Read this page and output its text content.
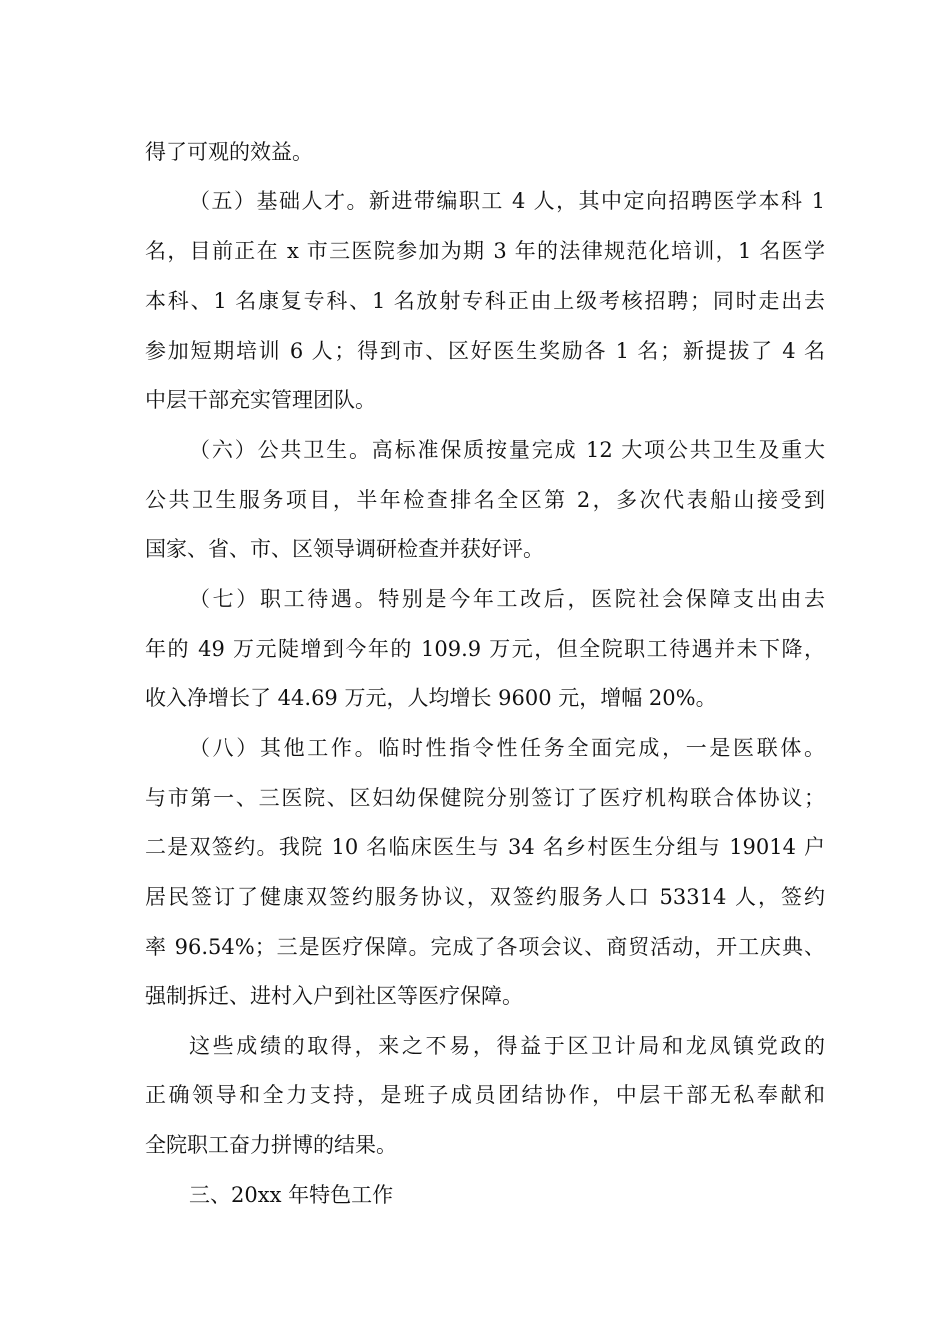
得了可观的效益。
（五）基础人才。新进带编职工 4 人，其中定向招聘医学本科 1
名，目前正在 x 市三医院参加为期 3 年的法律规范化培训，1 名医学
本科、1 名康复专科、1 名放射专科正由上级考核招聘；同时走出去
参加短期培训 6 人；得到市、区好医生奖励各 1 名；新提拔了 4 名
中层干部充实管理团队。
（六）公共卫生。高标准保质按量完成 12 大项公共卫生及重大
公共卫生服务项目，半年检查排名全区第 2，多次代表船山接受到
国家、省、市、区领导调研检查并获好评。
（七）职工待遇。特别是今年工改后，医院社会保障支出由去
年的 49 万元陡增到今年的 109.9 万元，但全院职工待遇并未下降，
收入净增长了 44.69 万元，人均增长 9600 元，增幅 20%。
（八）其他工作。临时性指令性任务全面完成，一是医联体。
与市第一、三医院、区妇幼保健院分别签订了医疗机构联合体协议；
二是双签约。我院 10 名临床医生与 34 名乡村医生分组与 19014 户
居民签订了健康双签约服务协议，双签约服务人口 53314 人，签约
率 96.54%；三是医疗保障。完成了各项会议、商贸活动，开工庆典、
强制拆迁、进村入户到社区等医疗保障。
这些成绩的取得，来之不易，得益于区卫计局和龙凤镇党政的
正确领导和全力支持，是班子成员团结协作，中层干部无私奉献和
全院职工奋力拼博的结果。
三、20xx 年特色工作
